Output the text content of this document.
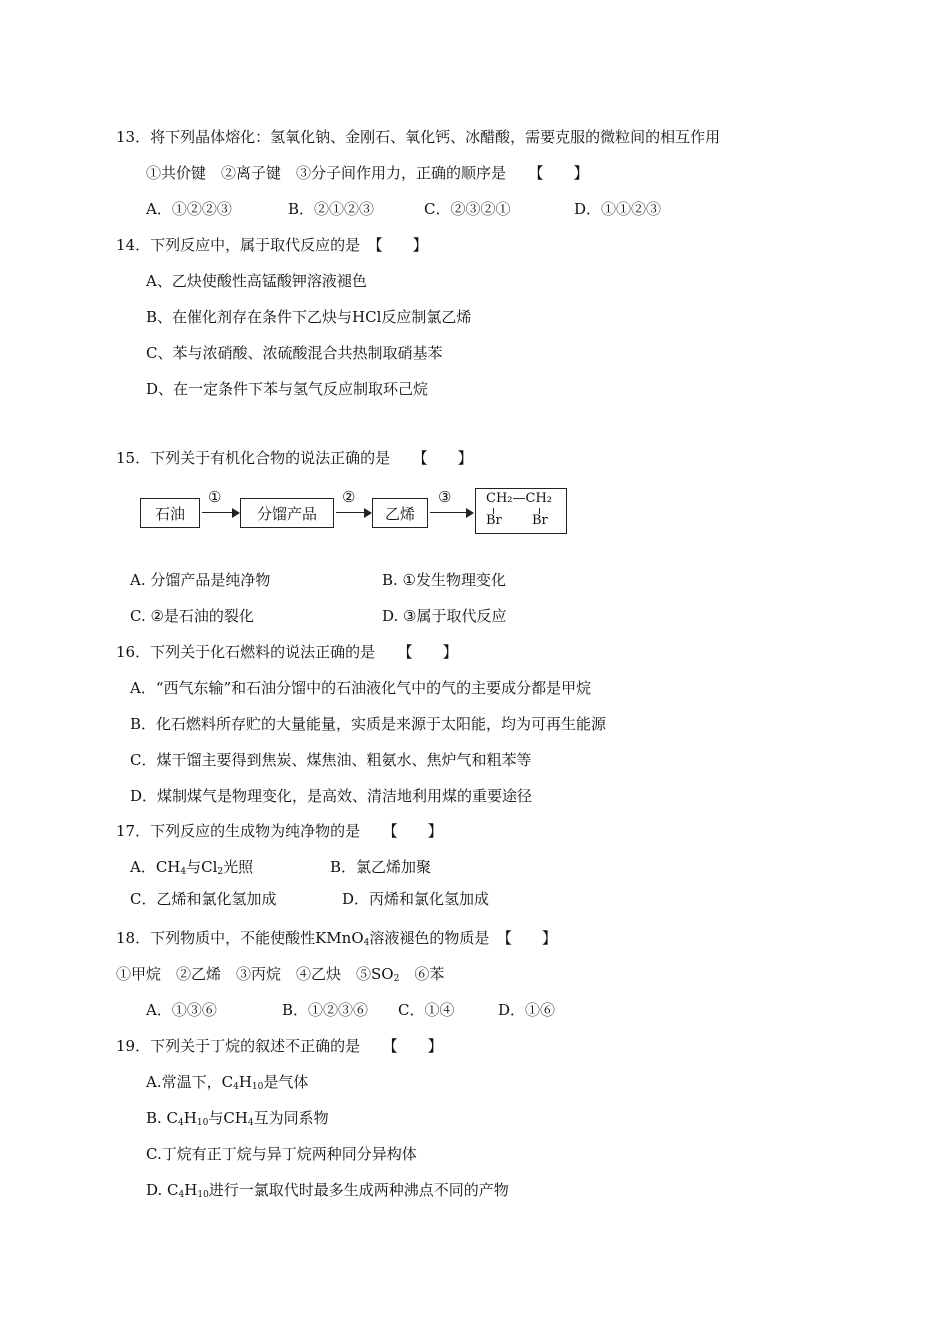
13．将下列晶体熔化：氢氧化钠、金刚石、氧化钙、冰醋酸，需要克服的微粒间的相互作用
①共价键　②离子键　③分子间作用力，正确的顺序是　　【　　】
A．①②②③	B．②①②③	C．②③②①	D．①①②③
14．下列反应中，属于取代反应的是　【　　】
A、乙炔使酸性高锰酸钾溶液褪色
B、在催化剂存在条件下乙炔与HCl反应制氯乙烯
C、苯与浓硝酸、浓硫酸混合共热制取硝基苯
D、在一定条件下苯与氢气反应制取环己烷
15．下列关于有机化合物的说法正确的是　　【　　】
石油
①
分馏产品
②
乙烯
③	CH₂—CH₂
Br Br
A. 分馏产品是纯净物	B. ①发生物理变化
C. ②是石油的裂化	D. ③属于取代反应
16．下列关于化石燃料的说法正确的是　　【　　】
A．“西气东输”和石油分馏中的石油液化气中的气的主要成分都是甲烷
B．化石燃料所存贮的大量能量，实质是来源于太阳能，均为可再生能源
C．煤干馏主要得到焦炭、煤焦油、粗氨水、焦炉气和粗苯等
D．煤制煤气是物理变化，是高效、清洁地利用煤的重要途径
17．下列反应的生成物为纯净物的是　　【　　】
A．$CH_4$与$Cl_2$光照	B．氯乙烯加聚
C．乙烯和氯化氢加成	D．丙烯和氯化氢加成
18．下列物质中，不能使酸性KMnO$_4$溶液褪色的物质是　【　　】
①甲烷　②乙烯　③丙烷　④乙炔　$⑤SO_2$　⑥苯
A．①③⑥	B．①②③⑥ C．①④	D．①⑥
19．下列关于丁烷的叙述不正确的是　　【　　】
A.常温下，$C_4H_{10}$是气体
B. $C_4H_{10}$与$CH_4$互为同系物
C.丁烷有正丁烷与异丁烷两种同分异构体
D. $C_4H_{10}$进行一氯取代时最多生成两种沸点不同的产物
